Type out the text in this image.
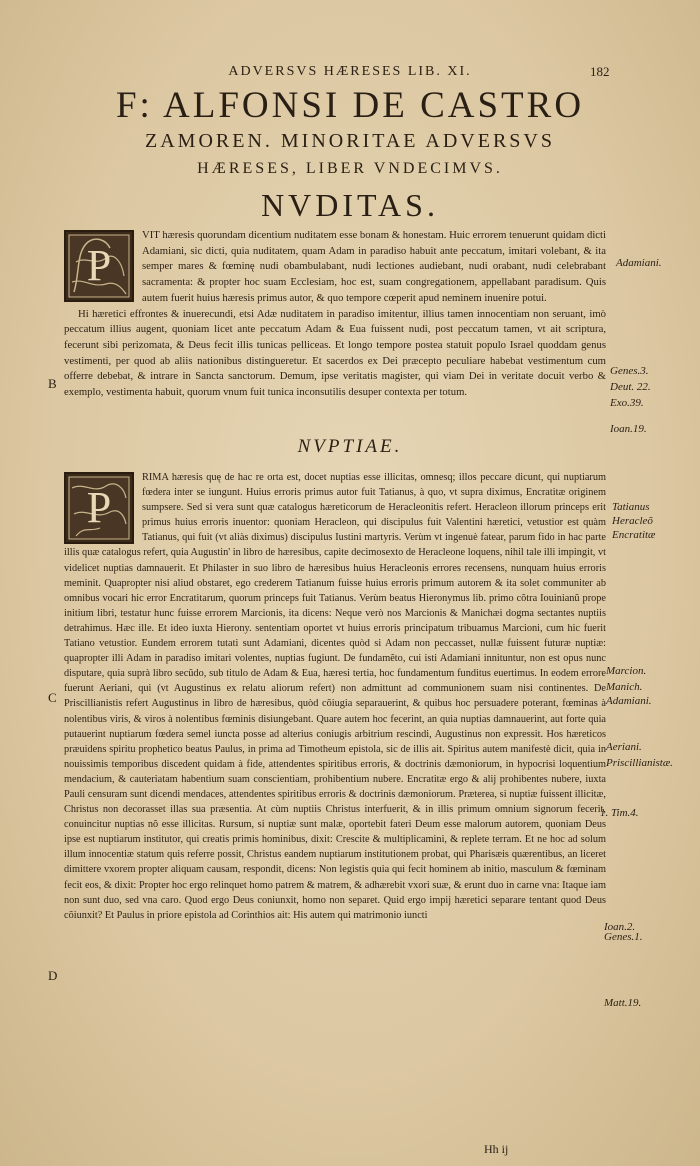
ADVERSVS HÆRESES LIB. XI.	182
F: ALFONSI DE CASTRO
ZAMOREN. MINORITAE ADVERSVS
HÆRESES, LIBER VNDECIMVS.
NVDITAS.
P

VIT hæresis quorundam dicentium nuditatem esse bonam & honestam. Huic errorem tenuerunt quidam dicti Adamiani, sic dicti, quia nuditatem, quam Adam in paradiso habuit ante peccatum, imitari volebant, & ita semper mares & fœminę nudi obambulabant, nudi lectiones audiebant, nudi orabant, nudi celebrabant sacramenta: & propter hoc suam Ecclesiam, hoc est, suam congregationem, appellabant paradisum. Quis autem fuerit huius hæresis primus autor, & quo tempore cœperit apud neminem inuenire potui.

Hi hæretici effrontes & inuerecundi, etsi Adæ nuditatem in paradiso imitentur, illius tamen innocentiam non seruant, imò peccatum illius augent, quoniam licet ante peccatum Adam & Eua fuissent nudi, post peccatum tamen, vt ait scriptura, fecerunt sibi perizomata, & Deus fecit illis tunicas pelliceas. Et longo tempore postea statuit populo Israel quoddam genus vestimenti, per quod ab aliis nationibus distingueretur. Et sacerdos ex Dei præcepto peculiare habebat vestimentum cum offerre debebat, & intrare in Sancta sanctorum. Demum, ipse veritatis magister, qui viam Dei in veritate docuit verbo & exemplo, vestimenta habuit, quorum vnum fuit tunica inconsutilis desuper contexta per totum.

NVPTIAE.
P

RIMA hæresis quę de hac re orta est, docet nuptias esse illicitas, omnesq; illos peccare dicunt, qui nuptiarum fœdera inter se iungunt. Huius erroris primus autor fuit Tatianus, à quo, vt supra diximus, Encratitæ originem sumpsere. Sed si vera sunt quæ catalogus hæreticorum de Heracleonitis refert. Heracleon illorum princeps erit primus huius erroris inuentor: quoniam Heracleon, qui discipulus fuit Valentini hæretici, vetustior est quàm Tatianus, qui fuit (vt aliàs diximus) discipulus Iustini martyris. Verùm vt ingenuè fatear, parum fido in hac parte illis quæ catalogus refert, quia Augustin' in libro de hæresibus, capite decimosexto de Heracleone loquens, nihil tale illi impingit, vt videlicet nuptias damnauerit. Et Philaster in suo libro de hæresibus huius Heracleonis errores recensens, nunquam huius erroris meminit. Quapropter nisi aliud obstaret, ego crederem Tatianum fuisse huius erroris primum autorem & ita solet communiter ab omnibus vocari hic error Encratitarum, quorum princeps fuit Tatianus. Verùm beatus Hieronymus lib. primo cõtra Iouinianũ prope initium libri, testatur hunc fuisse errorem Marcionis, ita dicens: Neque verò nos Marcionis & Manichæi dogma sectantes nuptiis detrahimus. Hæc ille. Et ideo iuxta Hierony. sententiam oportet vt huius erroris principatum tribuamus Marcioni, cum hic fuerit Tatiano vetustior. Eundem errorem tutati sunt Adamiani, dicentes quòd si Adam non peccasset, nullæ fuissent futuræ nuptiæ: quapropter illi Adam in paradiso imitari volentes, nuptias fugiunt. De fundamẽto, cui isti Adamiani innituntur, non est opus nunc disputare, quia suprà libro secũdo, sub titulo de Adam & Eua, hæresi tertia, hoc fundamentum funditus euertimus. In eodem errore fuerunt Aeriani, qui (vt Augustinus ex relatu aliorum refert) non admittunt ad communionem suam nisi continentes. De Priscillianistis refert Augustinus in libro de hæresibus, quòd cõiugia separauerint, & quibus hoc persuadere poterant, fœminas à nolentibus viris, & viros à nolentibus fœminis disiungebant. Quare autem hoc fecerint, an quia nuptias damnauerint, aut forte quia putauerint nuptiarum fœdera semel iuncta posse ad alterius coniugis arbitrium rescindi, Augustinus non expressit. Hos hæreticos præuidens spiritu prophetico beatus Paulus, in prima ad Timotheum epistola, sic de illis ait. Spiritus autem manifestè dicit, quia in nouissimis temporibus discedent quidam à fide, attendentes spiritibus erroris, & doctrinis dæmoniorum, in hypocrisi loquentium mendacium, & cauteriatam habentium suam conscientiam, prohibentium nubere. Encratitæ ergo & alij prohibentes nubere, iuxta Pauli censuram sunt dicendi mendaces, attendentes spiritibus erroris & doctrinis dæmoniorum. Præterea, si nuptiæ fuissent illicitæ, Christus non decorasset illas sua præsentia. At cùm nuptiis Christus interfuerit, & in illis primum omnium signorum fecerit, conuincitur nuptias nõ esse illicitas. Rursum, si nuptiæ sunt malæ, oportebit fateri Deum esse malorum autorem, quoniam Deus ipse est nuptiarum institutor, qui creatis primis hominibus, dixit: Crescite & multiplicamini, & replete terram. Et ne hoc ad solum illum innocentiæ statum quis referre possit, Christus eandem nuptiarum institutionem probat, qui Pharisæis quærentibus, an liceret dimittere vxorem propter aliquam causam, respondit, dicens: Non legistis quia qui fecit hominem ab initio, masculum & fœminam fecit eos, & dixit: Propter hoc ergo relinquet homo patrem & matrem, & adhærebit vxori suæ, & erunt duo in carne vna: Itaque iam non sunt duo, sed vna caro. Quod ergo Deus coniunxit, homo non separet. Quid ergo impij hæretici separare tentant quod Deus cõiunxit? Et Paulus in priore epistola ad Corinthios ait: His autem qui matrimonio iuncti

Adamiani.
Genes.3.
Deut. 22.
Exo.39.
Ioan.19.
Tatianus
Heracleõ
Encratitæ
Marcion.
Manich.
Adamiani.
Aeriani.
Priscillianistæ.
1. Tim.4.
Ioan.2.
Genes.1.
Matt.19.
B
C
D
Hh ij
